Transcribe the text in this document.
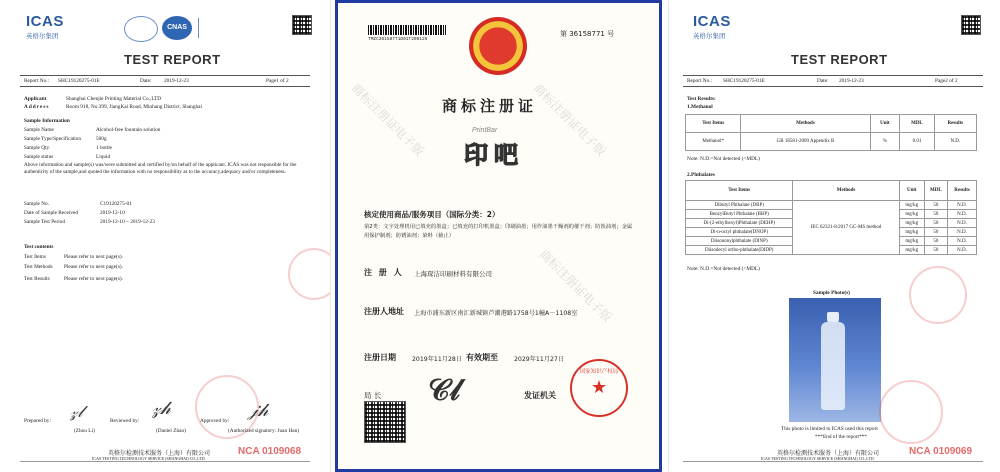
ICAS
英格尔集团
CNAS
TEST REPORT
Report No.: SHC19120275-01E	Date: 2019-12-23	Page1 of 2
Applicant	Shanghai Chenjie Printing Material Co.,LTD
Address	Room 918, No.399, JiangKai Road, Minhang District, Shanghai
Sample Information
Sample Name	Alcohol-free fountain solution
Sample Type/Specification	500g
Sample Qty.	1 bottle
Sample status	Liquid
Above information and sample(s) was/were submitted and certified by/on behalf of the applicant. ICAS was not responsible for the authenticity of the sample,and quoted the information with no responsibility as to the accuracy,adequacy and/or completeness.
Sample No.	C19120275-01
Date of Sample Received	2019-12-10
Sample Test Period	2019-12-10 ~ 2019-12-23
Test contents
Test Items	Please refer to next page(s).
Test Methods Please refer to next page(s).
Test Results	Please refer to next page(s).
𝓏𝓁	𝓏𝒽	𝒿𝒽
Prepared by:
(Zhou Li)
Reviewed by:
(Daniel Zhao)
Approved by:
(Authorized signatory: Juan Han)
NCA 0109068
英格尔检测技术服务（上海）有限公司
ICAS TESTING TECHNOLOGY SERVICE (SHANGHAI) CO.,LTD.
TMZC36158771D01T200125
第 36158771 号
商标注册证
PrintBar
印吧
核定使用商品/服务项目（国际分类：2）
第2类：文字处理机用已填充的墨盒；已填充的打印机墨盒；印刷油墨；用作油墨干燥剂的催干剂；防蚀油剂；金属用保护制剂；防锈油剂；染料（截止）
注 册 人 上海琛洁印刷材料有限公司
注册人地址 上海市浦东新区南汇新城镇芦潮港路1758号1幢A－1108室
注册日期	2019年11月28日 有效期至	2029年11月27日
局 长 𝒞𝓁	发证机关 ★
国家知识产权局
商标注册证电子版
商标注册证电子版
商标注册证电子版
ICAS
英格尔集团
TEST REPORT
Report No.: SHC19120275-01E	Date: 2019-12-23	Page2 of 2
Test Results:
1.Methanol
Test Items	Methods	Unit	MDL	Results
Methanol*	GB 18581-2009 Appendix B	%	0.01	N.D.
Note: N.D.=Not detected (<MDL)
2.Phthalates
Test Items	Methods	Unit	MDL	Results
Dibutyl Phthalate (DBP)	IEC 62321-8:2017 GC-MS method	mg/kg	50	N.D.
BenzylButyl Phthalate (BBP)		mg/kg	50	N.D.
Di-(2-ethylhexyl)Phthalate (DEHP)		mg/kg	50	N.D.
Di-n-octyl phthalate(DNOP)		mg/kg	50	N.D.
Diisononylphthalate (DINP)		mg/kg	50	N.D.
Diisodecyl ortho-phthalate(DIDP)		mg/kg	50	N.D.
Note: N.D.=Not detected (<MDL)
Sample Photo(s)
This photo is limited to ICAS used this report
***End of the report***
NCA 0109069
英格尔检测技术服务（上海）有限公司
ICAS TESTING TECHNOLOGY SERVICE (SHANGHAI) CO.,LTD.
